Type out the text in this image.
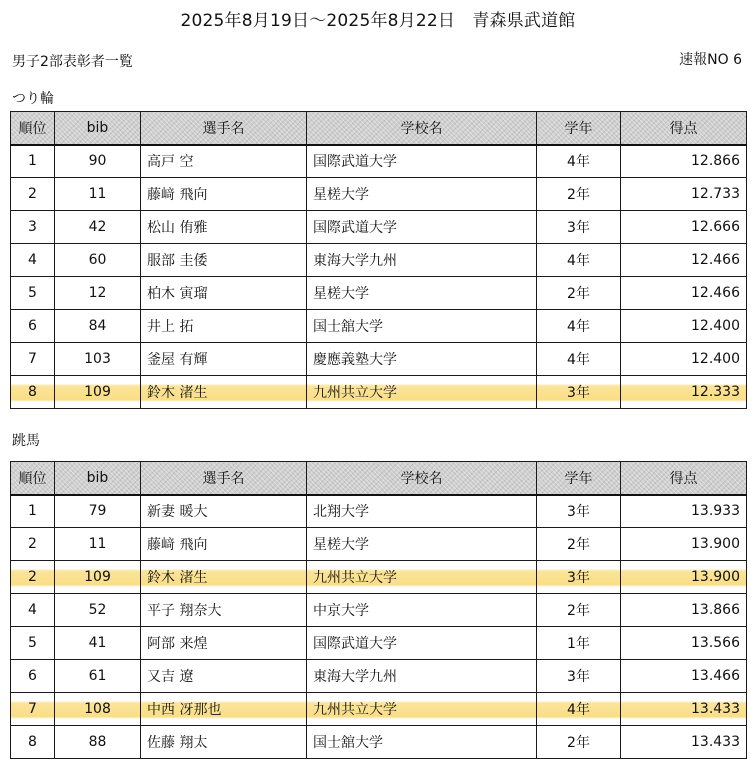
2025年8月19日～2025年8月22日　青森県武道館
男子2部表彰者一覧	速報NO 6
つり輪
順位	bib	選手名	学校名	学年	得点
1	90	高戸 空	国際武道大学	4年	12.866
2	11	藤﨑 飛向	星槎大学	2年	12.733
3	42	松山 侑雅	国際武道大学	3年	12.666
4	60	服部 圭倭	東海大学九州	4年	12.466
5	12	柏木 寅瑠	星槎大学	2年	12.466
6	84	井上 拓	国士舘大学	4年	12.400
7	103	釜屋 有輝	慶應義塾大学	4年	12.400
8	109	鈴木 渚生	九州共立大学	3年	12.333
跳馬
順位	bib	選手名	学校名	学年	得点
1	79	新妻 暖大	北翔大学	3年	13.933
2	11	藤﨑 飛向	星槎大学	2年	13.900
2	109	鈴木 渚生	九州共立大学	3年	13.900
4	52	平子 翔奈大	中京大学	2年	13.866
5	41	阿部 来煌	国際武道大学	1年	13.566
6	61	又吉 遼	東海大学九州	3年	13.466
7	108	中西 冴那也	九州共立大学	4年	13.433
8	88	佐藤 翔太	国士舘大学	2年	13.433
